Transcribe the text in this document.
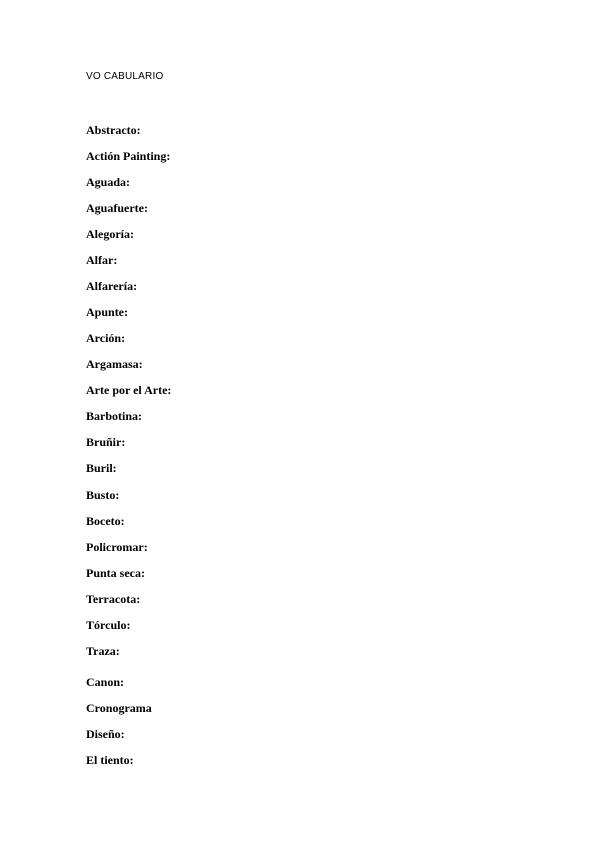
VO CABULARIO
Abstracto:
Actión Painting:
Aguada:
Aguafuerte:
Alegoría:
Alfar:
Alfarería:
Apunte:
Arción:
Argamasa:
Arte por el Arte:
Barbotina:
Bruñir:
Buril:
Busto:
Boceto:
Policromar:
Punta seca:
Terracota:
Tórculo:
Traza:
Canon:
Cronograma
Diseño:
El tiento:
